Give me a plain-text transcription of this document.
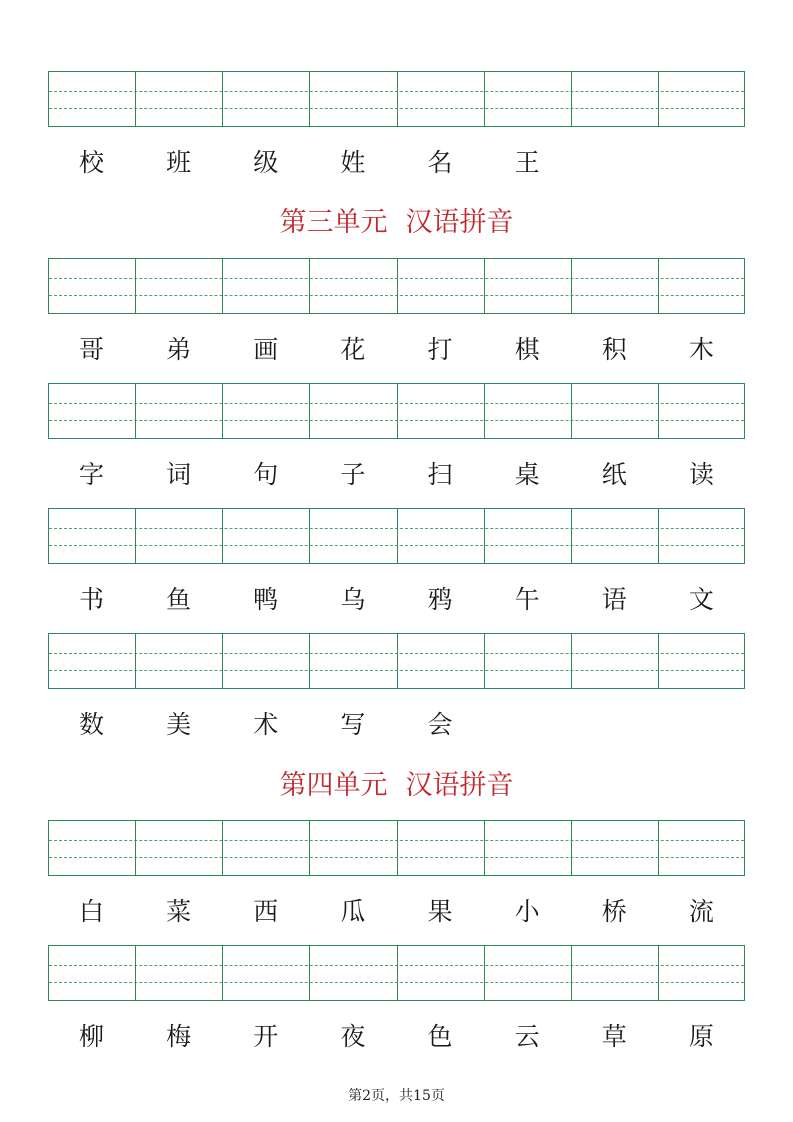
校	班	级	姓	名	王
第三单元 汉语拼音
哥	弟	画	花	打	棋	积	木
字	词	句	子	扫	桌	纸	读
书	鱼	鸭	乌	鸦	午	语	文
数	美	术	写	会
第四单元 汉语拼音
白	菜	西	瓜	果	小	桥	流
柳	梅	开	夜	色	云	草	原
第2页，共15页
